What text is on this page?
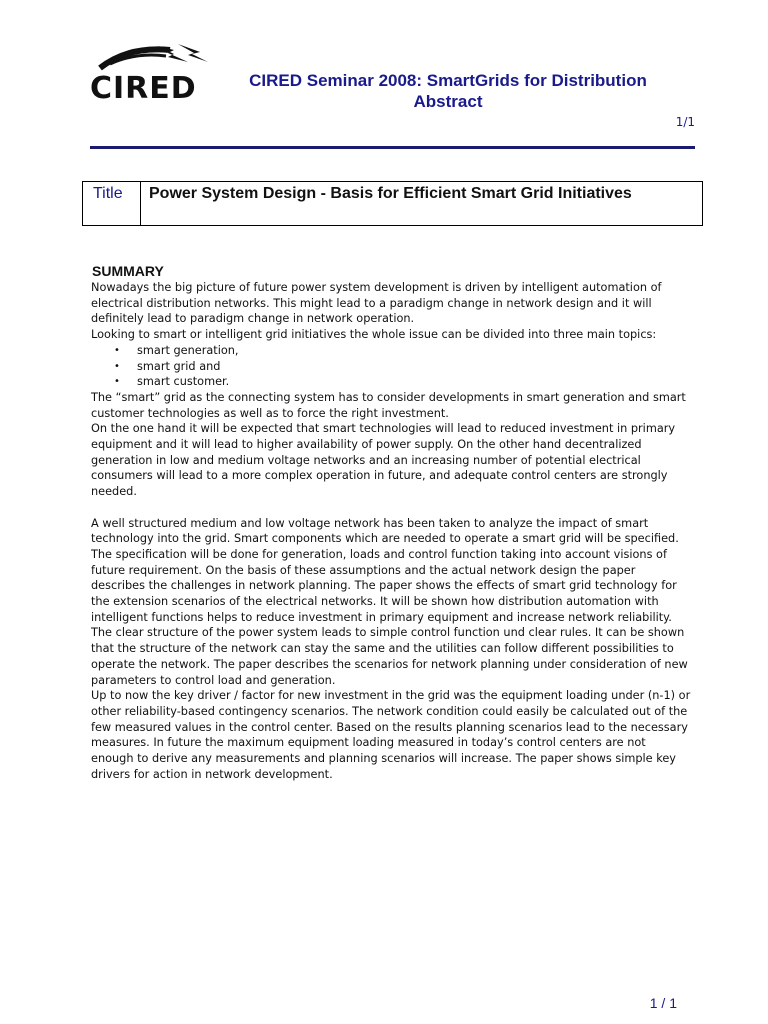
CIRED	CIRED Seminar 2008: SmartGrids for Distribution
Abstract
1/1
Title	Power System Design - Basis for Efficient Smart Grid Initiatives
SUMMARY

Nowadays the big picture of future power system development is driven by intelligent automation of electrical distribution networks. This might lead to a paradigm change in network design and it will definitely lead to paradigm change in network operation.

Looking to smart or intelligent grid initiatives the whole issue can be divided into three main topics:

• smart generation,
• smart grid and
• smart customer.

The “smart” grid as the connecting system has to consider developments in smart generation and smart customer technologies as well as to force the right investment.

On the one hand it will be expected that smart technologies will lead to reduced investment in primary equipment and it will lead to higher availability of power supply. On the other hand decentralized generation in low and medium voltage networks and an increasing number of potential electrical consumers will lead to a more complex operation in future, and adequate control centers are strongly needed.

A well structured medium and low voltage network has been taken to analyze the impact of smart technology into the grid. Smart components which are needed to operate a smart grid will be specified. The specification will be done for generation, loads and control function taking into account visions of future requirement. On the basis of these assumptions and the actual network design the paper describes the challenges in network planning. The paper shows the effects of smart grid technology for the extension scenarios of the electrical networks. It will be shown how distribution automation with intelligent functions helps to reduce investment in primary equipment and increase network reliability. The clear structure of the power system leads to simple control function und clear rules. It can be shown that the structure of the network can stay the same and the utilities can follow different possibilities to operate the network. The paper describes the scenarios for network planning under consideration of new parameters to control load and generation.

Up to now the key driver / factor for new investment in the grid was the equipment loading under (n-1) or other reliability-based contingency scenarios. The network condition could easily be calculated out of the few measured values in the control center. Based on the results planning scenarios lead to the necessary measures. In future the maximum equipment loading measured in today’s control centers are not enough to derive any measurements and planning scenarios will increase. The paper shows simple key drivers for action in network development.

1 / 1
